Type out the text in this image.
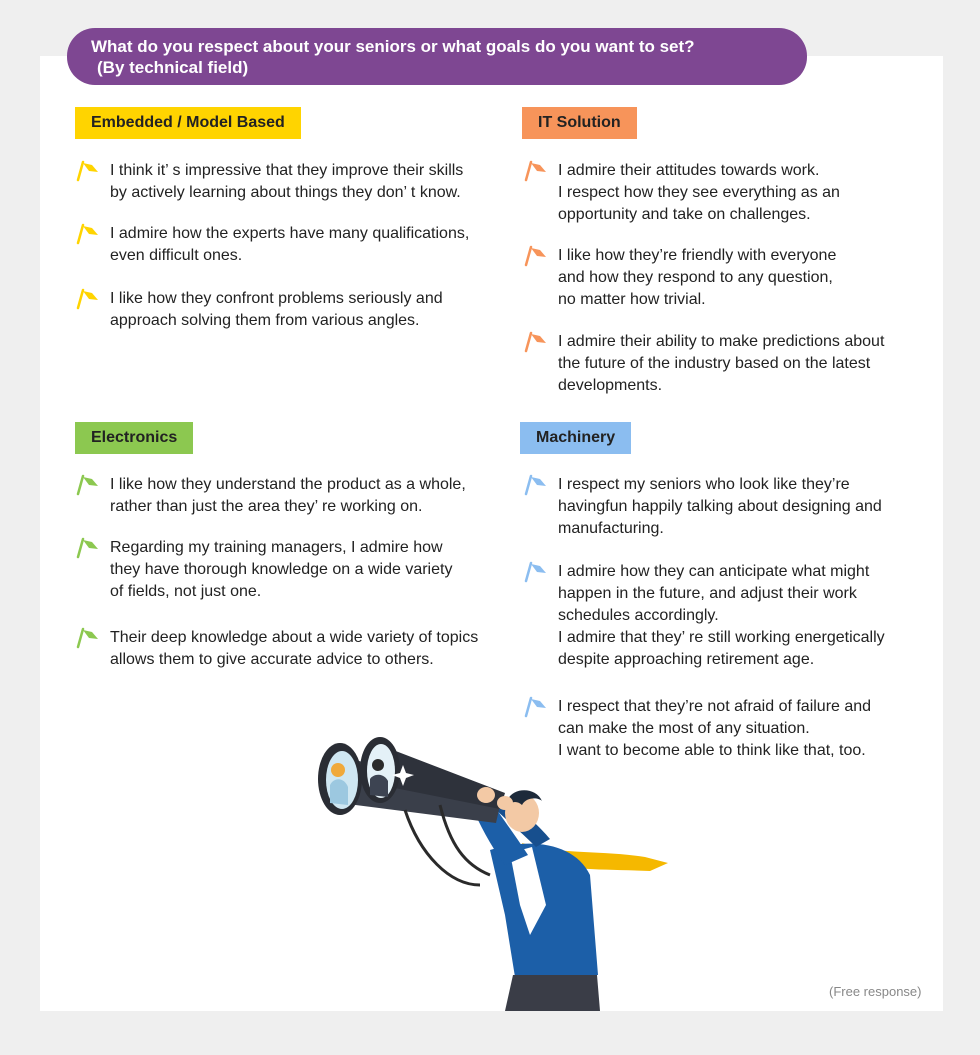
What do you respect about your seniors or what goals do you want to set?
(By technical field)
Embedded / Model Based	IT Solution
Electronics	Machinery
I think it’ s impressive that they improve their skills
by actively learning about things they don’ t know.
I admire how the experts have many qualifications,
even difficult ones.
I like how they confront problems seriously and
approach solving them from various angles.
I admire their attitudes towards work.
I respect how they see everything as an
opportunity and take on challenges.
I like how they’re friendly with everyone
and how they respond to any question,
no matter how trivial.
I admire their ability to make predictions about
the future of the industry based on the latest
developments.
I like how they understand the product as a whole,
rather than just the area they’ re working on.
Regarding my training managers, I admire how
they have thorough knowledge on a wide variety
of fields, not just one.
Their deep knowledge about a wide variety of topics
allows them to give accurate advice to others.
I respect my seniors who look like they’re
havingfun happily talking about designing and
manufacturing.
I admire how they can anticipate what might
happen in the future, and adjust their work
schedules accordingly.
I admire that they’ re still working energetically
despite approaching retirement age.
I respect that they’re not afraid of failure and
can make the most of any situation.
I want to become able to think like that, too.
(Free response)
